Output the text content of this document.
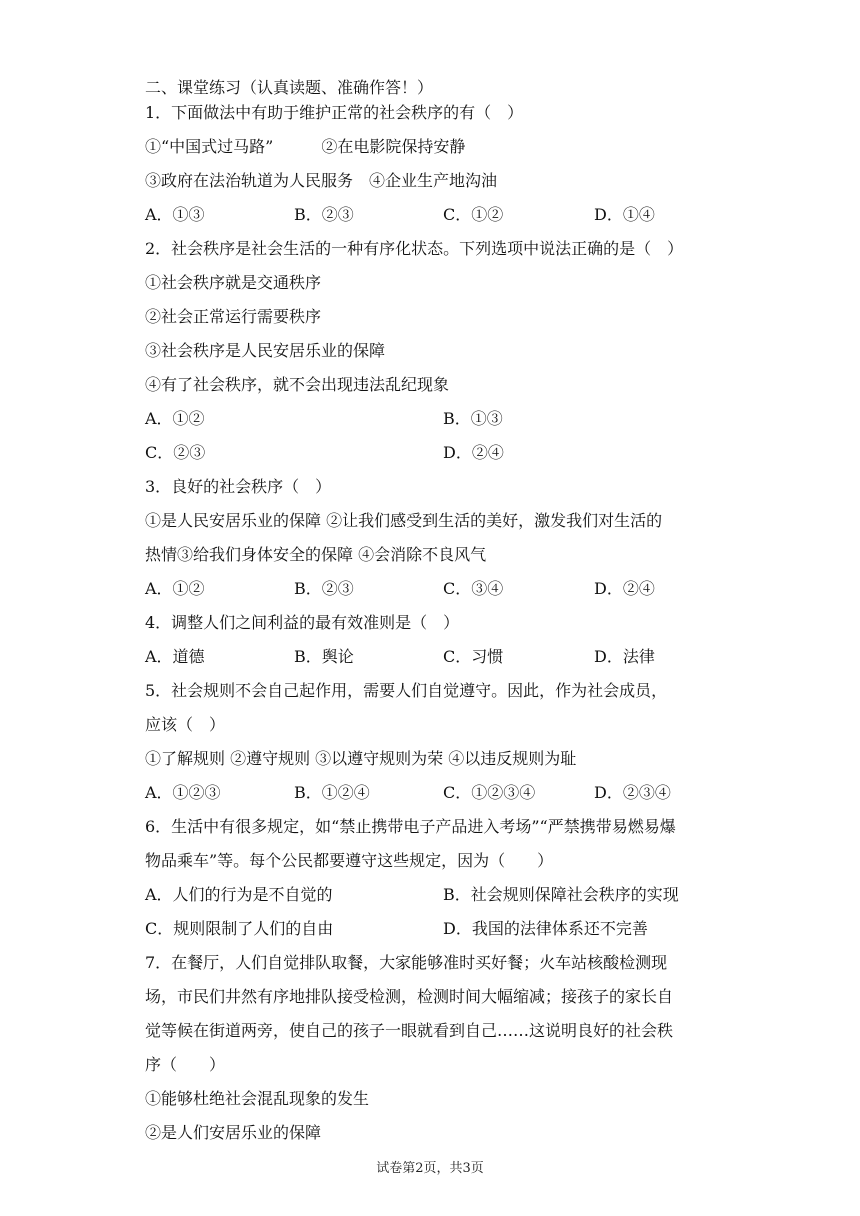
二、课堂练习（认真读题、准确作答！）
1．下面做法中有助于维护正常的社会秩序的有（　）
①“中国式过马路”　　　②在电影院保持安静
③政府在法治轨道为人民服务　④企业生产地沟油
A．①③	B．②③	C．①②	D．①④
2．社会秩序是社会生活的一种有序化状态。下列选项中说法正确的是（　）
①社会秩序就是交通秩序
②社会正常运行需要秩序
③社会秩序是人民安居乐业的保障
④有了社会秩序，就不会出现违法乱纪现象
A．①②	B．①③
C．②③	D．②④
3．良好的社会秩序（　）
①是人民安居乐业的保障 ②让我们感受到生活的美好，激发我们对生活的
热情③给我们身体安全的保障 ④会消除不良风气
A．①②	B．②③	C．③④	D．②④
4．调整人们之间利益的最有效准则是（　）
A．道德	B．舆论	C．习惯	D．法律
5．社会规则不会自己起作用，需要人们自觉遵守。因此，作为社会成员，
应该（　）
①了解规则 ②遵守规则 ③以遵守规则为荣 ④以违反规则为耻
A．①②③	B．①②④	C．①②③④	D．②③④
6．生活中有很多规定，如“禁止携带电子产品进入考场”“严禁携带易燃易爆
物品乘车”等。每个公民都要遵守这些规定，因为（　　）
A．人们的行为是不自觉的	B．社会规则保障社会秩序的实现
C．规则限制了人们的自由	D．我国的法律体系还不完善
7．在餐厅，人们自觉排队取餐，大家能够准时买好餐；火车站核酸检测现
场，市民们井然有序地排队接受检测，检测时间大幅缩减；接孩子的家长自
觉等候在街道两旁，使自己的孩子一眼就看到自己……这说明良好的社会秩
序（　　）
①能够杜绝社会混乱现象的发生
②是人们安居乐业的保障
试卷第2页，共3页
